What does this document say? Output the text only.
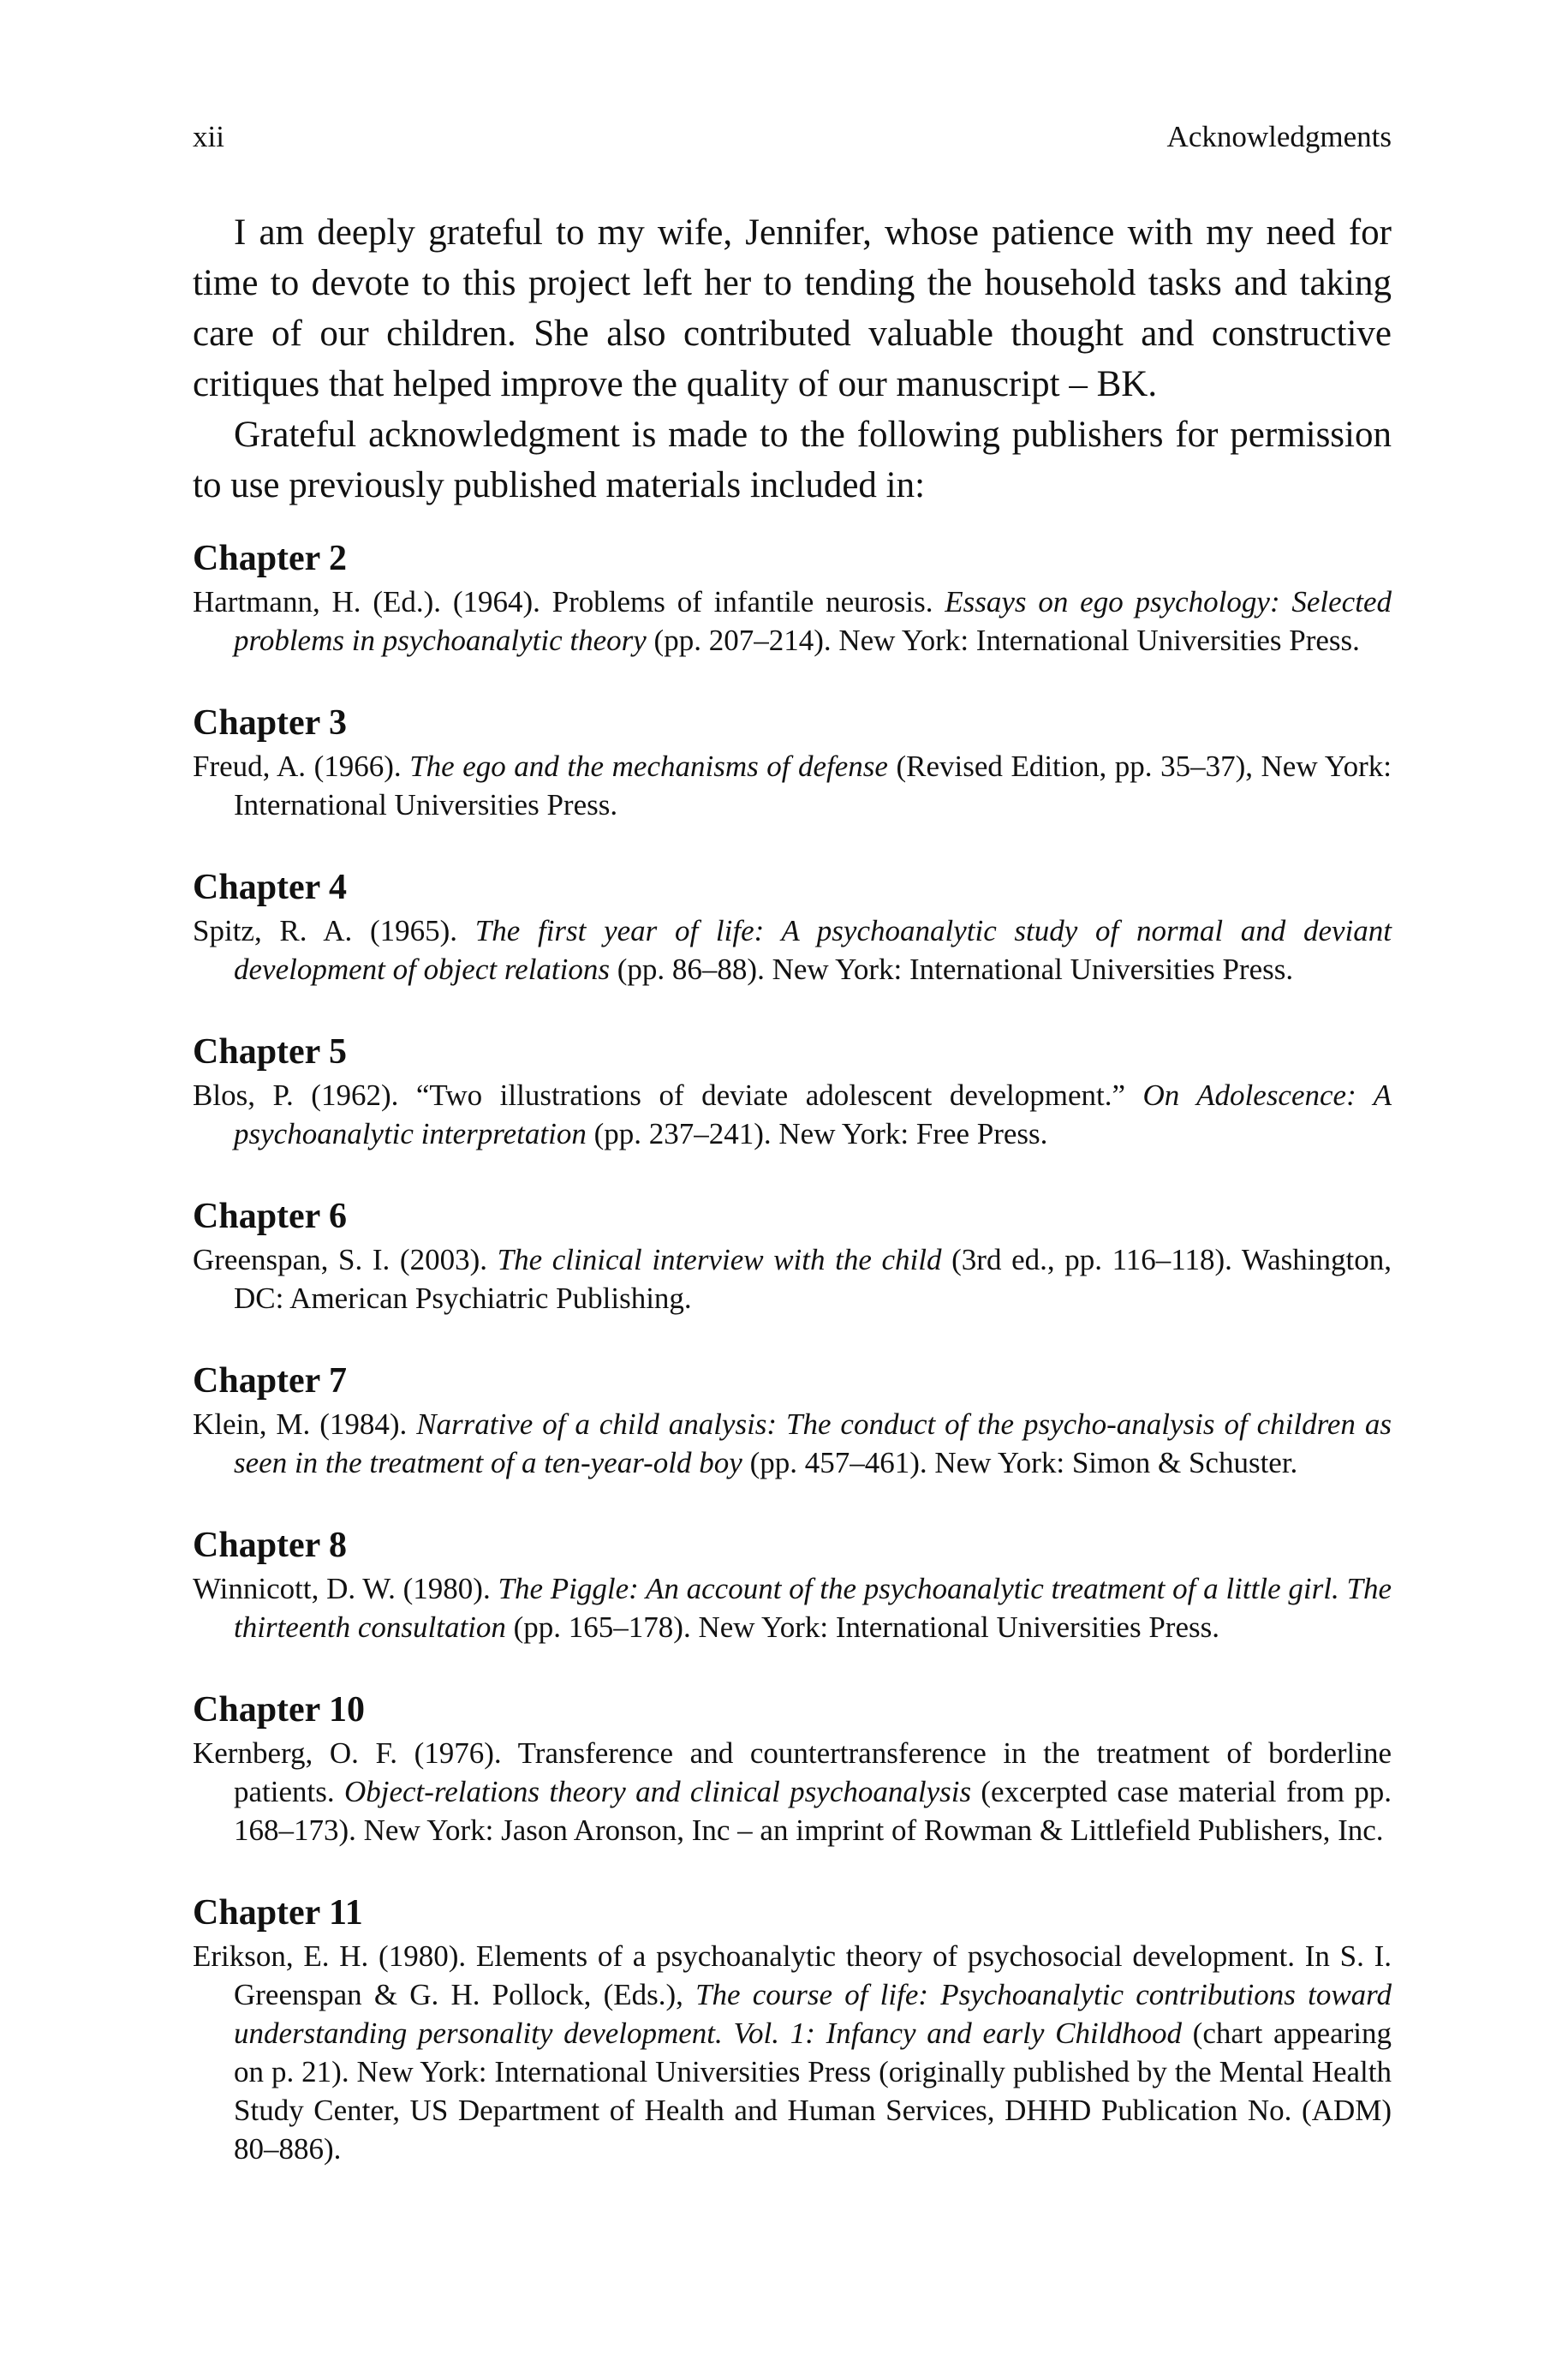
xii	Acknowledgments

I am deeply grateful to my wife, Jennifer, whose patience with my need for time to devote to this project left her to tending the household tasks and taking care of our children. She also contributed valuable thought and constructive critiques that helped improve the quality of our manuscript – BK.

Grateful acknowledgment is made to the following publishers for permission to use previously published materials included in:

Chapter 2

Hartmann, H. (Ed.). (1964). Problems of infantile neurosis. Essays on ego psychology: Selected problems in psychoanalytic theory (pp. 207–214). New York: International Universities Press.

Chapter 3

Freud, A. (1966). The ego and the mechanisms of defense (Revised Edition, pp. 35–37), New York: International Universities Press.

Chapter 4

Spitz, R. A. (1965). The first year of life: A psychoanalytic study of normal and deviant development of object relations (pp. 86–88). New York: International Universities Press.

Chapter 5

Blos, P. (1962). “Two illustrations of deviate adolescent development.” On Adolescence: A psychoanalytic interpretation (pp. 237–241). New York: Free Press.

Chapter 6

Greenspan, S. I. (2003). The clinical interview with the child (3rd ed., pp. 116–118). Washington, DC: American Psychiatric Publishing.

Chapter 7

Klein, M. (1984). Narrative of a child analysis: The conduct of the psycho-analysis of children as seen in the treatment of a ten-year-old boy (pp. 457–461). New York: Simon & Schuster.

Chapter 8

Winnicott, D. W. (1980). The Piggle: An account of the psychoanalytic treatment of a little girl. The thirteenth consultation (pp. 165–178). New York: International Universities Press.

Chapter 10

Kernberg, O. F. (1976). Transference and countertransference in the treatment of borderline patients. Object-relations theory and clinical psychoanalysis (excerpted case material from pp. 168–173). New York: Jason Aronson, Inc – an imprint of Rowman & Littlefield Publishers, Inc.

Chapter 11

Erikson, E. H. (1980). Elements of a psychoanalytic theory of psychosocial development. In S. I. Greenspan & G. H. Pollock, (Eds.), The course of life: Psychoanalytic contributions toward understanding personality development. Vol. 1: Infancy and early Childhood (chart appearing on p. 21). New York: International Universities Press (originally published by the Mental Health Study Center, US Department of Health and Human Services, DHHD Publication No. (ADM) 80–886).
